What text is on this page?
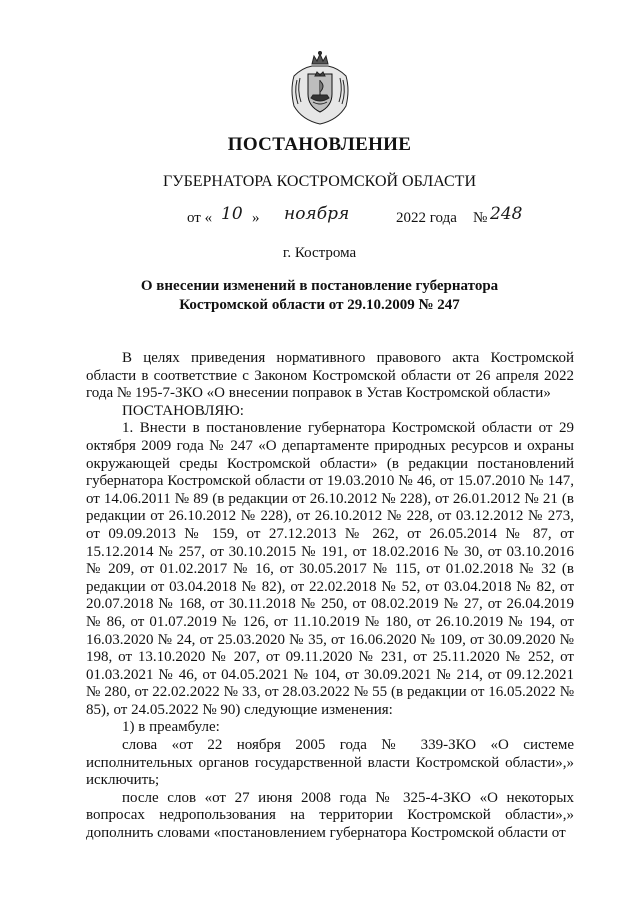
ПОСТАНОВЛЕНИЕ
ГУБЕРНАТОРА КОСТРОМСКОЙ ОБЛАСТИ
от « 10 » ноября	2022 года № 248
г. Кострома
О внесении изменений в постановление губернатора
Костромской области от 29.10.2009 № 247

В целях приведения нормативного правового акта Костромской области в соответствие с Законом Костромской области от 26 апреля 2022 года № 195-7-ЗКО «О внесении поправок в Устав Костромской области»

ПОСТАНОВЛЯЮ:

1. Внести в постановление губернатора Костромской области от 29 октября 2009 года № 247 «О департаменте природных ресурсов и охраны окружающей среды Костромской области» (в редакции постановлений губернатора Костромской области от 19.03.2010 № 46, от 15.07.2010 № 147, от 14.06.2011 № 89 (в редакции от 26.10.2012 № 228), от 26.01.2012 № 21 (в редакции от 26.10.2012 № 228), от 26.10.2012 № 228, от 03.12.2012 № 273, от 09.09.2013 № 159, от 27.12.2013 № 262, от 26.05.2014 № 87, от 15.12.2014 № 257, от 30.10.2015 № 191, от 18.02.2016 № 30, от 03.10.2016 № 209, от 01.02.2017 № 16, от 30.05.2017 № 115, от 01.02.2018 № 32 (в редакции от 03.04.2018 № 82), от 22.02.2018 № 52, от 03.04.2018 № 82, от 20.07.2018 № 168, от 30.11.2018 № 250, от 08.02.2019 № 27, от 26.04.2019 № 86, от 01.07.2019 № 126, от 11.10.2019 № 180, от 26.10.2019 № 194, от 16.03.2020 № 24, от 25.03.2020 № 35, от 16.06.2020 № 109, от 30.09.2020 № 198, от 13.10.2020 № 207, от 09.11.2020 № 231, от 25.11.2020 № 252, от 01.03.2021 № 46, от 04.05.2021 № 104, от 30.09.2021 № 214, от 09.12.2021 № 280, от 22.02.2022 № 33, от 28.03.2022 № 55 (в редакции от 16.05.2022 № 85), от 24.05.2022 № 90) следующие изменения:

1) в преамбуле:

слова «от 22 ноября 2005 года № 339-ЗКО «О системе исполнительных органов государственной власти Костромской области»,» исключить;

после слов «от 27 июня 2008 года № 325-4-ЗКО «О некоторых вопросах недропользования на территории Костромской области»,» дополнить словами «постановлением губернатора Костромской области от
